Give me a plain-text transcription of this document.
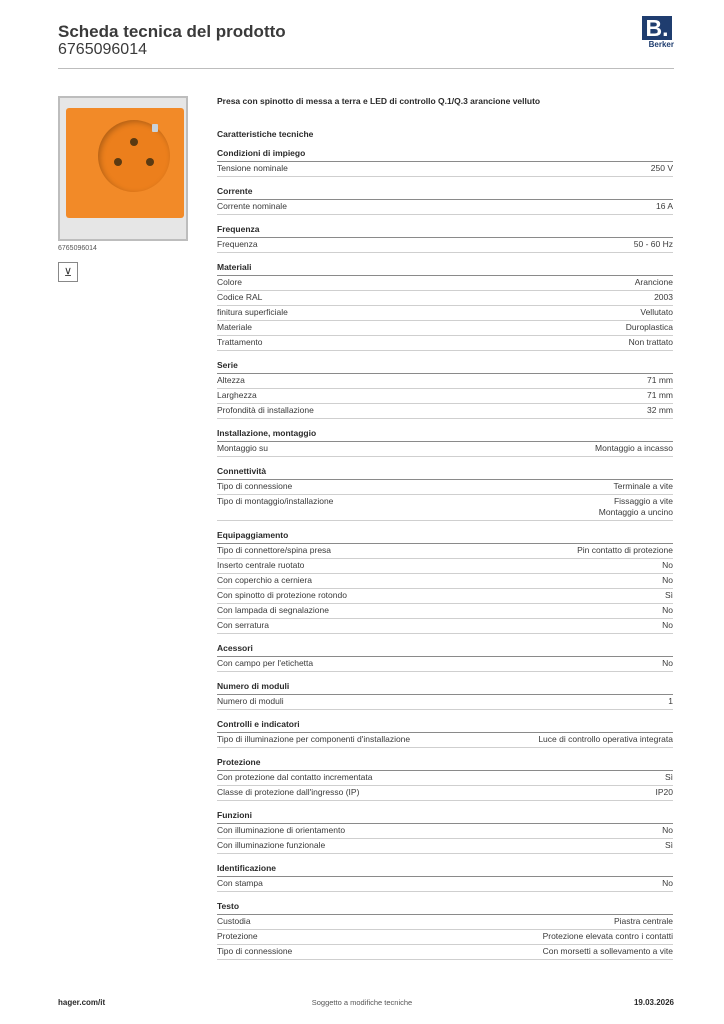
Scheda tecnica del prodotto
6765096014
B.
Berker
6765096014
⊻
Presa con spinotto di messa a terra e LED di controllo Q.1/Q.3 arancione velluto
Caratteristiche tecniche
Condizioni di impiego
Tensione nominale	250 V
Corrente
Corrente nominale	16 A
Frequenza
Frequenza	50 - 60 Hz
Materiali
Colore	Arancione
Codice RAL	2003
finitura superficiale	Vellutato
Materiale	Duroplastica
Trattamento	Non trattato
Serie
Altezza	71 mm
Larghezza	71 mm
Profondità di installazione	32 mm
Installazione, montaggio
Montaggio su	Montaggio a incasso
Connettività
Tipo di connessione	Terminale a vite
Tipo di montaggio/installazione	Fissaggio a vite
Montaggio a uncino
Equipaggiamento
Tipo di connettore/spina presa	Pin contatto di protezione
Inserto centrale ruotato	No
Con coperchio a cerniera	No
Con spinotto di protezione rotondo	Sì
Con lampada di segnalazione	No
Con serratura	No
Acessori
Con campo per l'etichetta	No
Numero di moduli
Numero di moduli	1
Controlli e indicatori
Tipo di illuminazione per componenti d'installazione	Luce di controllo operativa integrata
Protezione
Con protezione dal contatto incrementata	Sì
Classe di protezione dall'ingresso (IP)	IP20
Funzioni
Con illuminazione di orientamento	No
Con illuminazione funzionale	Sì
Identificazione
Con stampa	No
Testo
Custodia	Piastra centrale
Protezione	Protezione elevata contro i contatti
Tipo di connessione	Con morsetti a sollevamento a vite
hager.com/it	Soggetto a modifiche tecniche	19.03.2026
